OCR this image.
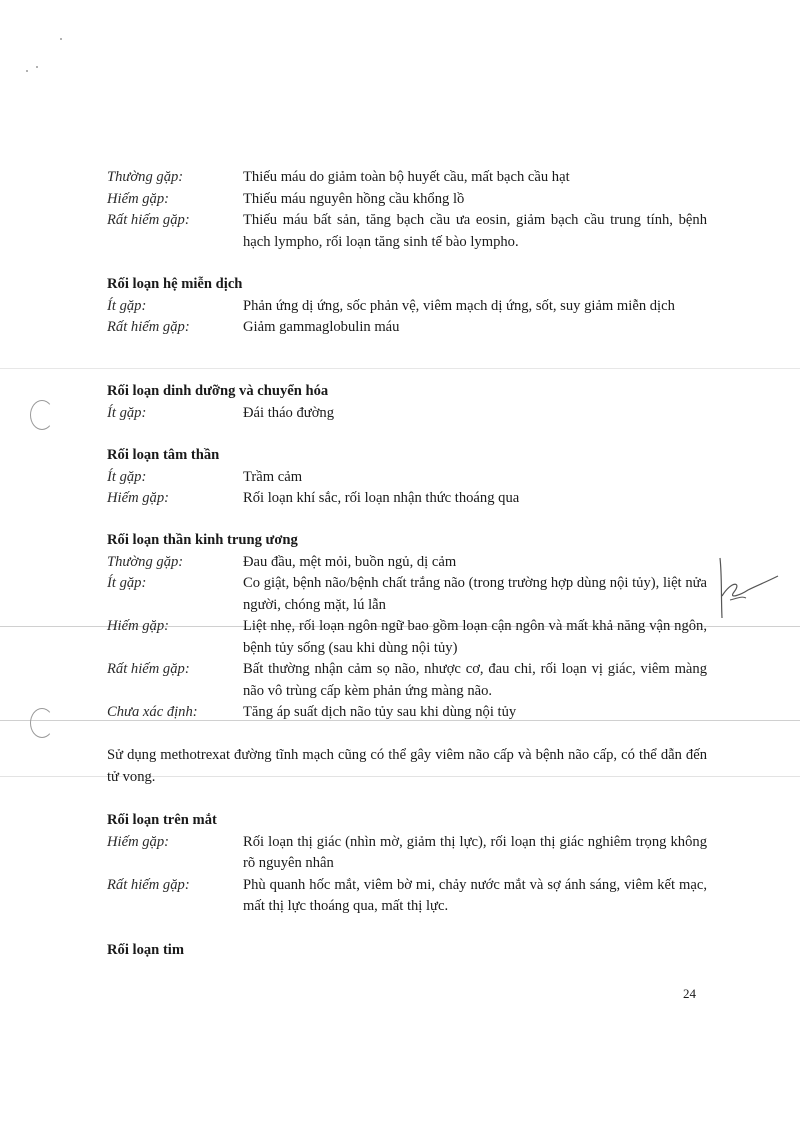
Thường gặp:	Thiếu máu do giảm toàn bộ huyết cầu, mất bạch cầu hạt
Hiếm gặp:	Thiếu máu nguyên hồng cầu khổng lồ
Rất hiếm gặp:	Thiếu máu bất sản, tăng bạch cầu ưa eosin, giảm bạch cầu trung tính, bệnh hạch lympho, rối loạn tăng sinh tế bào lympho.
Rối loạn hệ miễn dịch
Ít gặp:	Phản ứng dị ứng, sốc phản vệ, viêm mạch dị ứng, sốt, suy giảm miễn dịch
Rất hiếm gặp:	Giảm gammaglobulin máu
Rối loạn dinh dưỡng và chuyển hóa
Ít gặp:	Đái tháo đường
Rối loạn tâm thần
Ít gặp:	Trầm cảm
Hiếm gặp:	Rối loạn khí sắc, rối loạn nhận thức thoáng qua
Rối loạn thần kinh trung ương
Thường gặp:	Đau đầu, mệt mỏi, buồn ngủ, dị cảm
Ít gặp:	Co giật, bệnh não/bệnh chất trắng não (trong trường hợp dùng nội tủy), liệt nửa người, chóng mặt, lú lẫn
Hiếm gặp:	Liệt nhẹ, rối loạn ngôn ngữ bao gồm loạn cận ngôn và mất khả năng vận ngôn, bệnh tủy sống (sau khi dùng nội tủy)
Rất hiếm gặp:	Bất thường nhận cảm sọ não, nhược cơ, đau chi, rối loạn vị giác, viêm màng não vô trùng cấp kèm phản ứng màng não.
Chưa xác định:	Tăng áp suất dịch não tủy sau khi dùng nội tủy
Sử dụng methotrexat đường tĩnh mạch cũng có thể gây viêm não cấp và bệnh não cấp, có thể dẫn đến tử vong.
Rối loạn trên mắt
Hiếm gặp:	Rối loạn thị giác (nhìn mờ, giảm thị lực), rối loạn thị giác nghiêm trọng không rõ nguyên nhân
Rất hiếm gặp:	Phù quanh hốc mắt, viêm bờ mi, chảy nước mắt và sợ ánh sáng, viêm kết mạc, mất thị lực thoáng qua, mất thị lực.
Rối loạn tim
24
